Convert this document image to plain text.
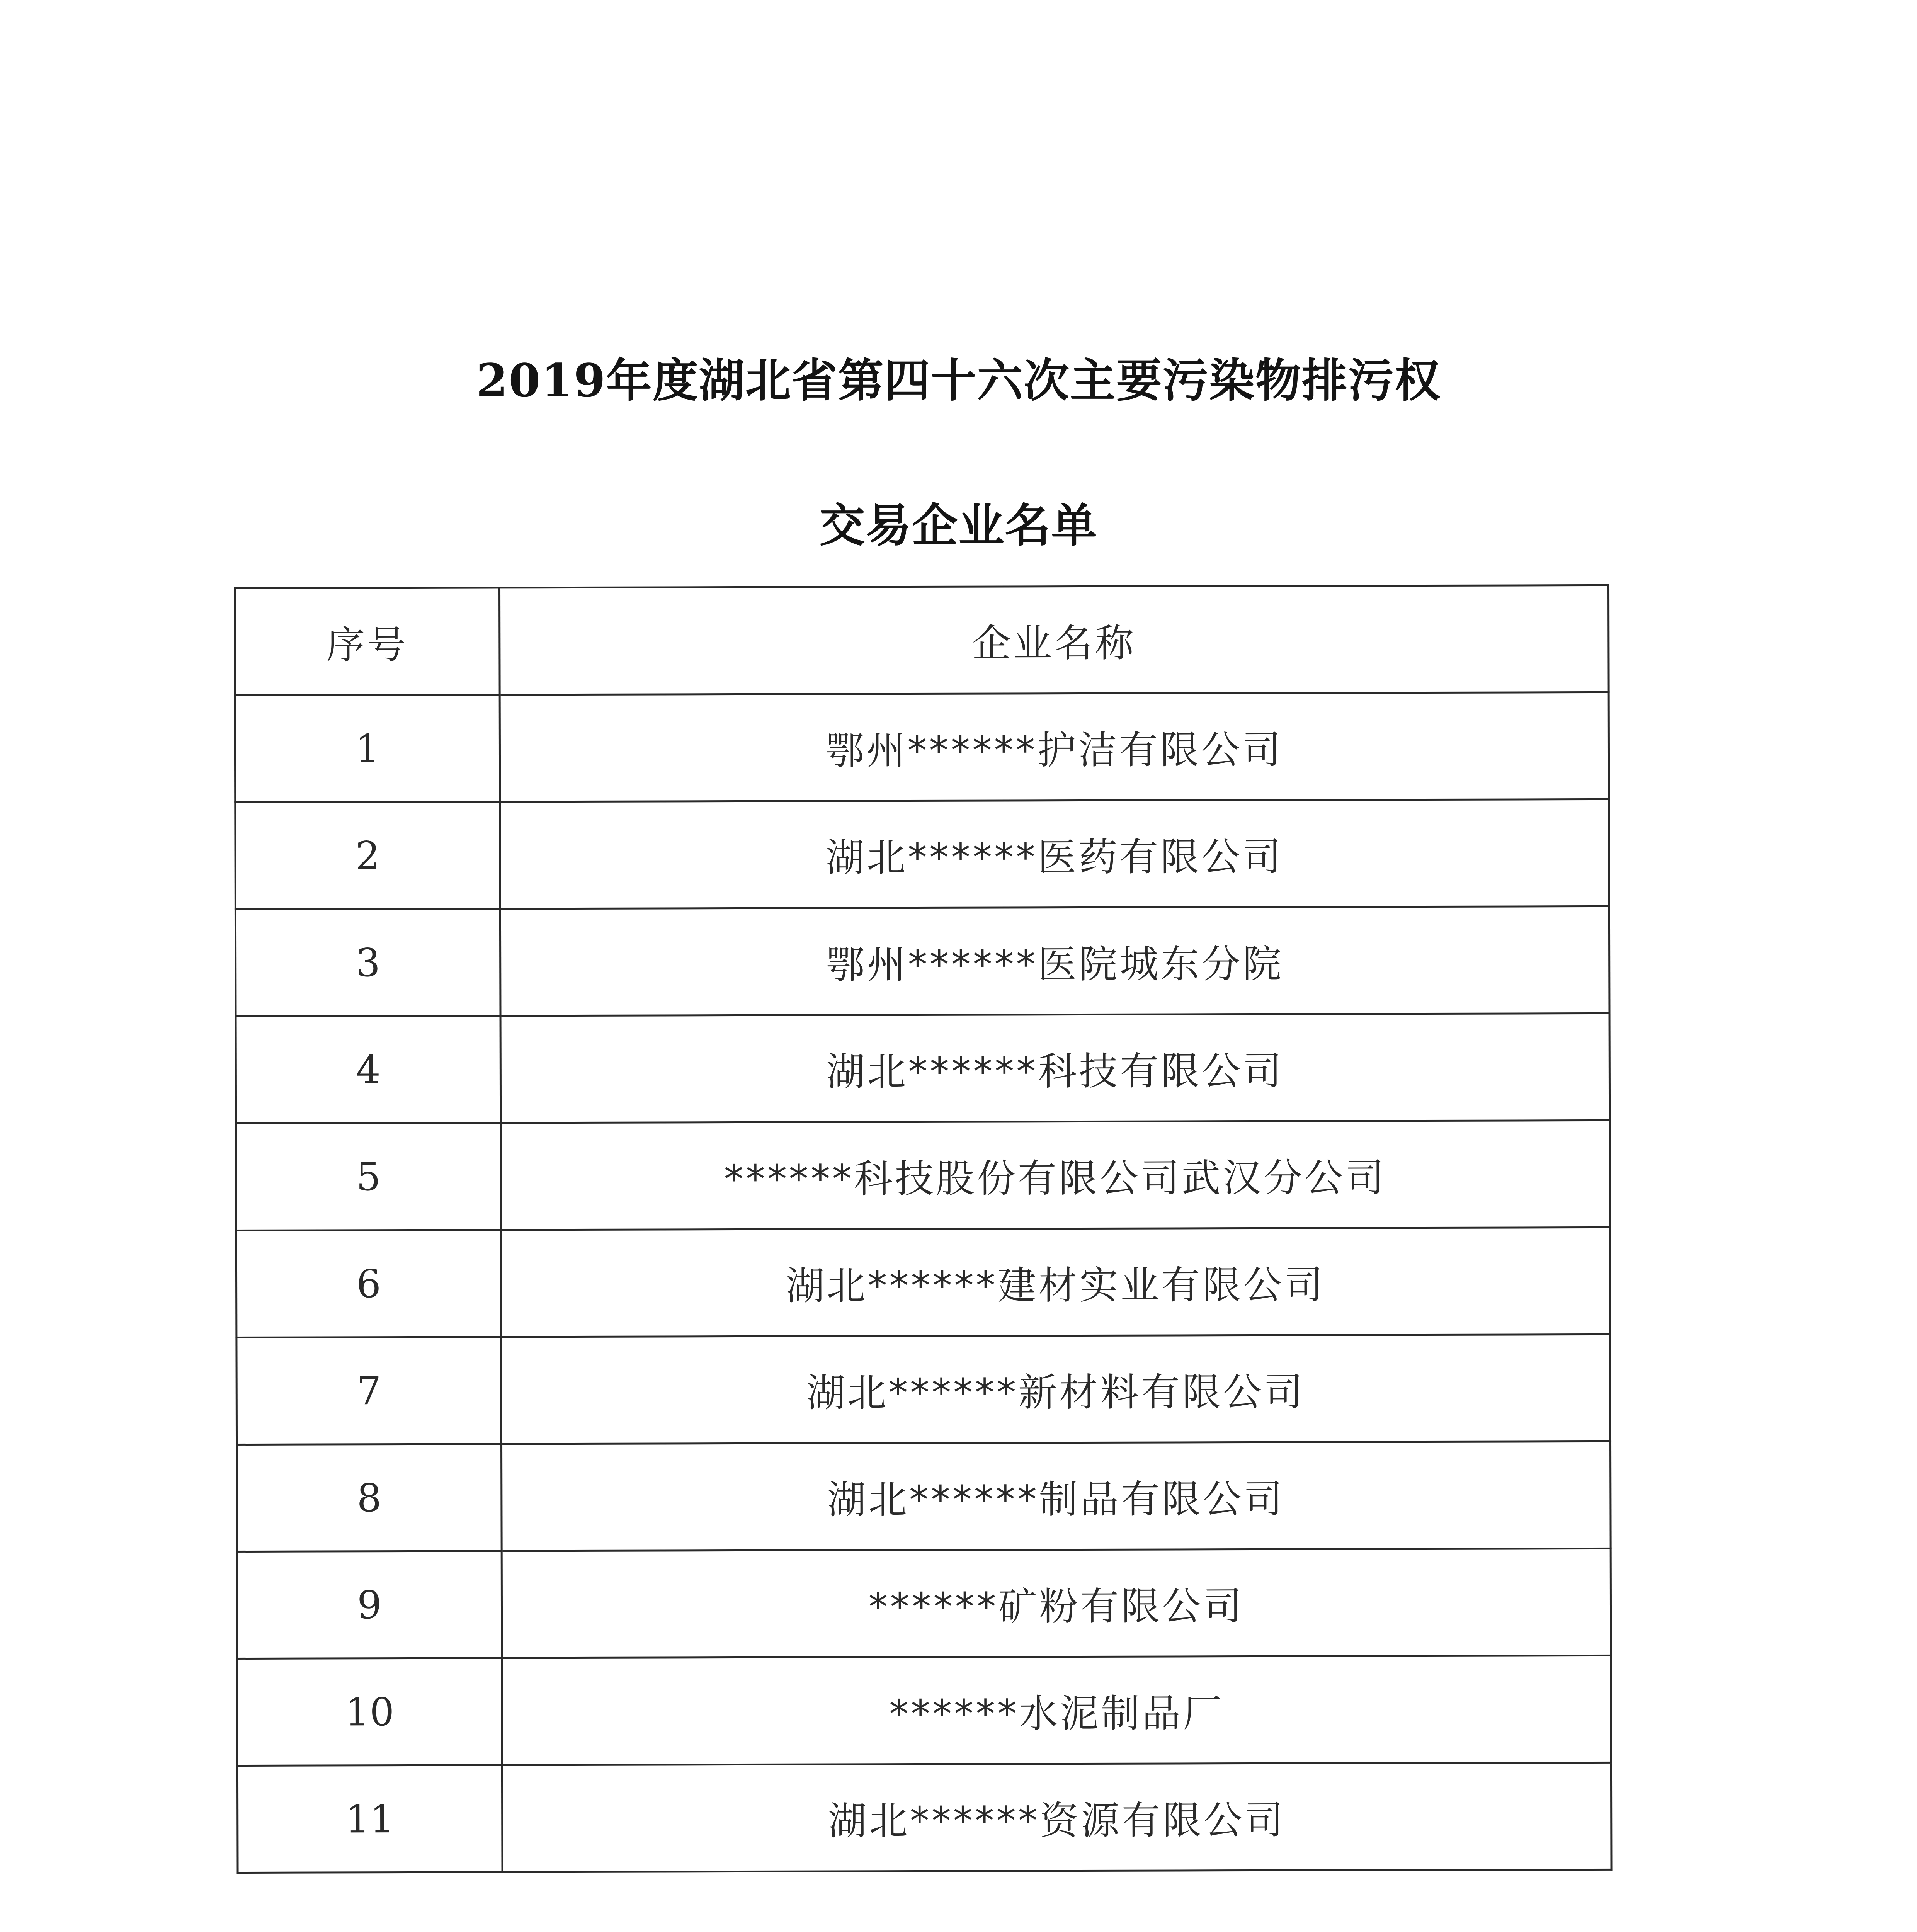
2019年度湖北省第四十六次主要污染物排污权
交易企业名单
序号	企业名称
1	鄂州******护洁有限公司
2	湖北******医药有限公司
3	鄂州******医院城东分院
4	湖北******科技有限公司
5	******科技股份有限公司武汉分公司
6	湖北******建材实业有限公司
7	湖北******新材料有限公司
8	湖北******制品有限公司
9	******矿粉有限公司
10	******水泥制品厂
11	湖北******资源有限公司
